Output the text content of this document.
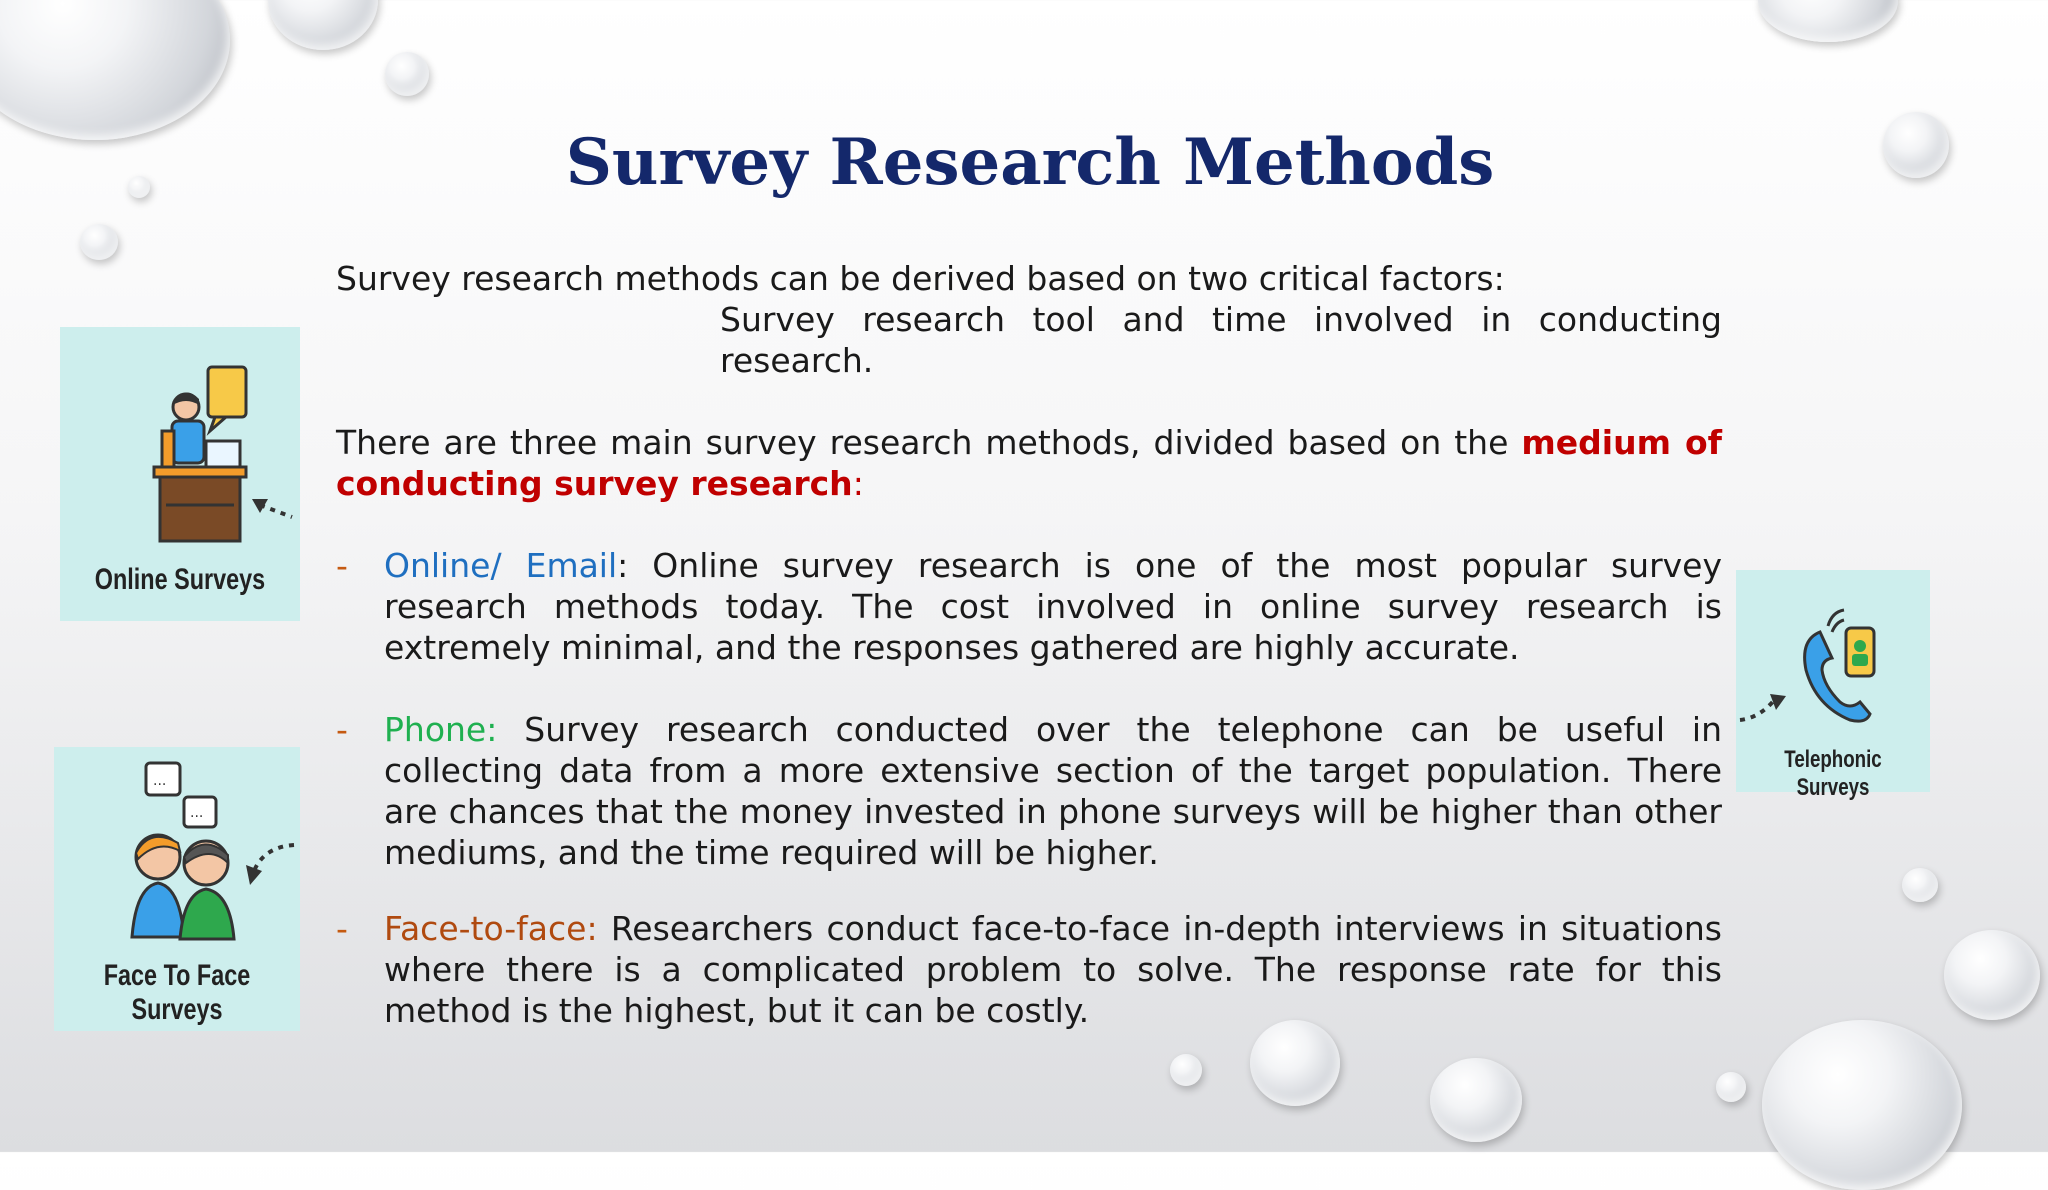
Survey Research Methods

Survey research methods can be derived based on two critical factors:

Survey research tool and time involved in conducting research.

There are three main survey research methods, divided based on the medium of conducting survey research:

- Online/ Email: Online survey research is one of the most popular survey research methods today. The cost involved in online survey research is extremely minimal, and the responses gathered are highly accurate.

- Phone: Survey research conducted over the telephone can be useful in collecting data from a more extensive section of the target population. There are chances that the money invested in phone surveys will be higher than other mediums, and the time required will be higher.

- Face-to-face: Researchers conduct face-to-face in-depth interviews in situations where there is a complicated problem to solve. The response rate for this method is the highest, but it can be costly.

Online Surveys
...
...
Face To Face Surveys
Telephonic Surveys
